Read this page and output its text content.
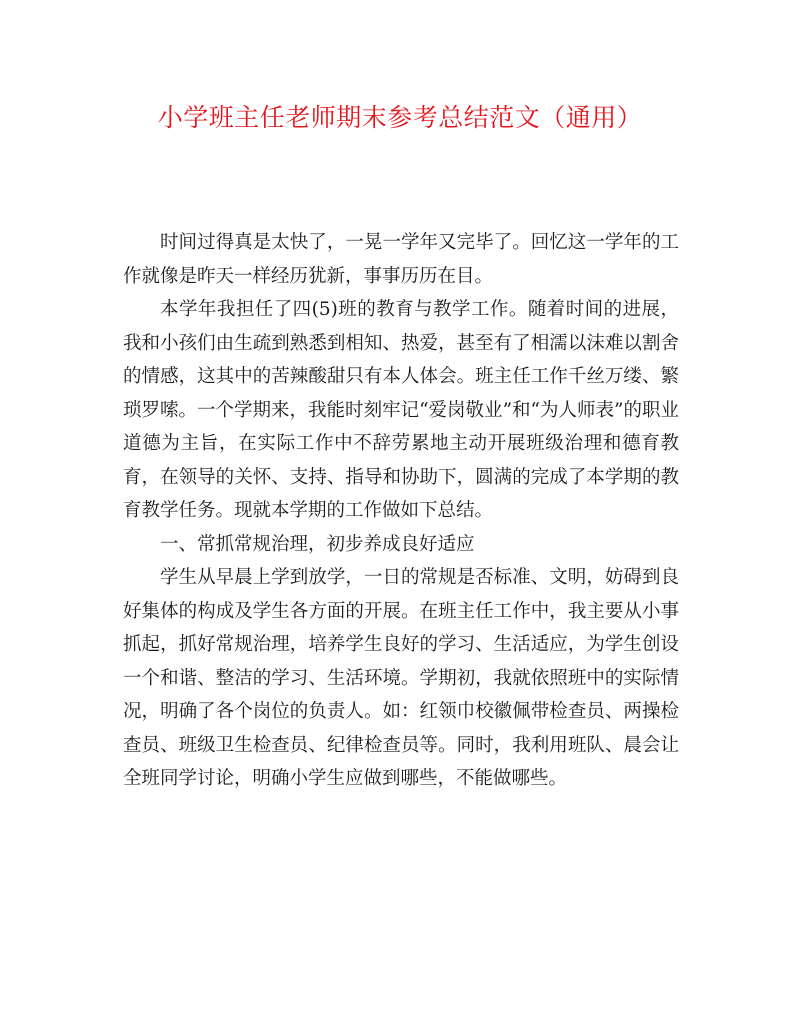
小学班主任老师期末参考总结范文（通用）

时间过得真是太快了，一晃一学年又完毕了。回忆这一学年的工作就像是昨天一样经历犹新，事事历历在目。

本学年我担任了四(5)班的教育与教学工作。随着时间的进展，我和小孩们由生疏到熟悉到相知、热爱，甚至有了相濡以沫难以割舍的情感，这其中的苦辣酸甜只有本人体会。班主任工作千丝万缕、繁琐罗嗦。一个学期来，我能时刻牢记“爱岗敬业”和“为人师表”的职业道德为主旨，在实际工作中不辞劳累地主动开展班级治理和德育教育，在领导的关怀、支持、指导和协助下，圆满的完成了本学期的教育教学任务。现就本学期的工作做如下总结。

一、常抓常规治理，初步养成良好适应

学生从早晨上学到放学，一日的常规是否标准、文明，妨碍到良好集体的构成及学生各方面的开展。在班主任工作中，我主要从小事抓起，抓好常规治理，培养学生良好的学习、生活适应，为学生创设一个和谐、整洁的学习、生活环境。学期初，我就依照班中的实际情况，明确了各个岗位的负责人。如：红领巾校徽佩带检查员、两操检查员、班级卫生检查员、纪律检查员等。同时，我利用班队、晨会让全班同学讨论，明确小学生应做到哪些，不能做哪些。
